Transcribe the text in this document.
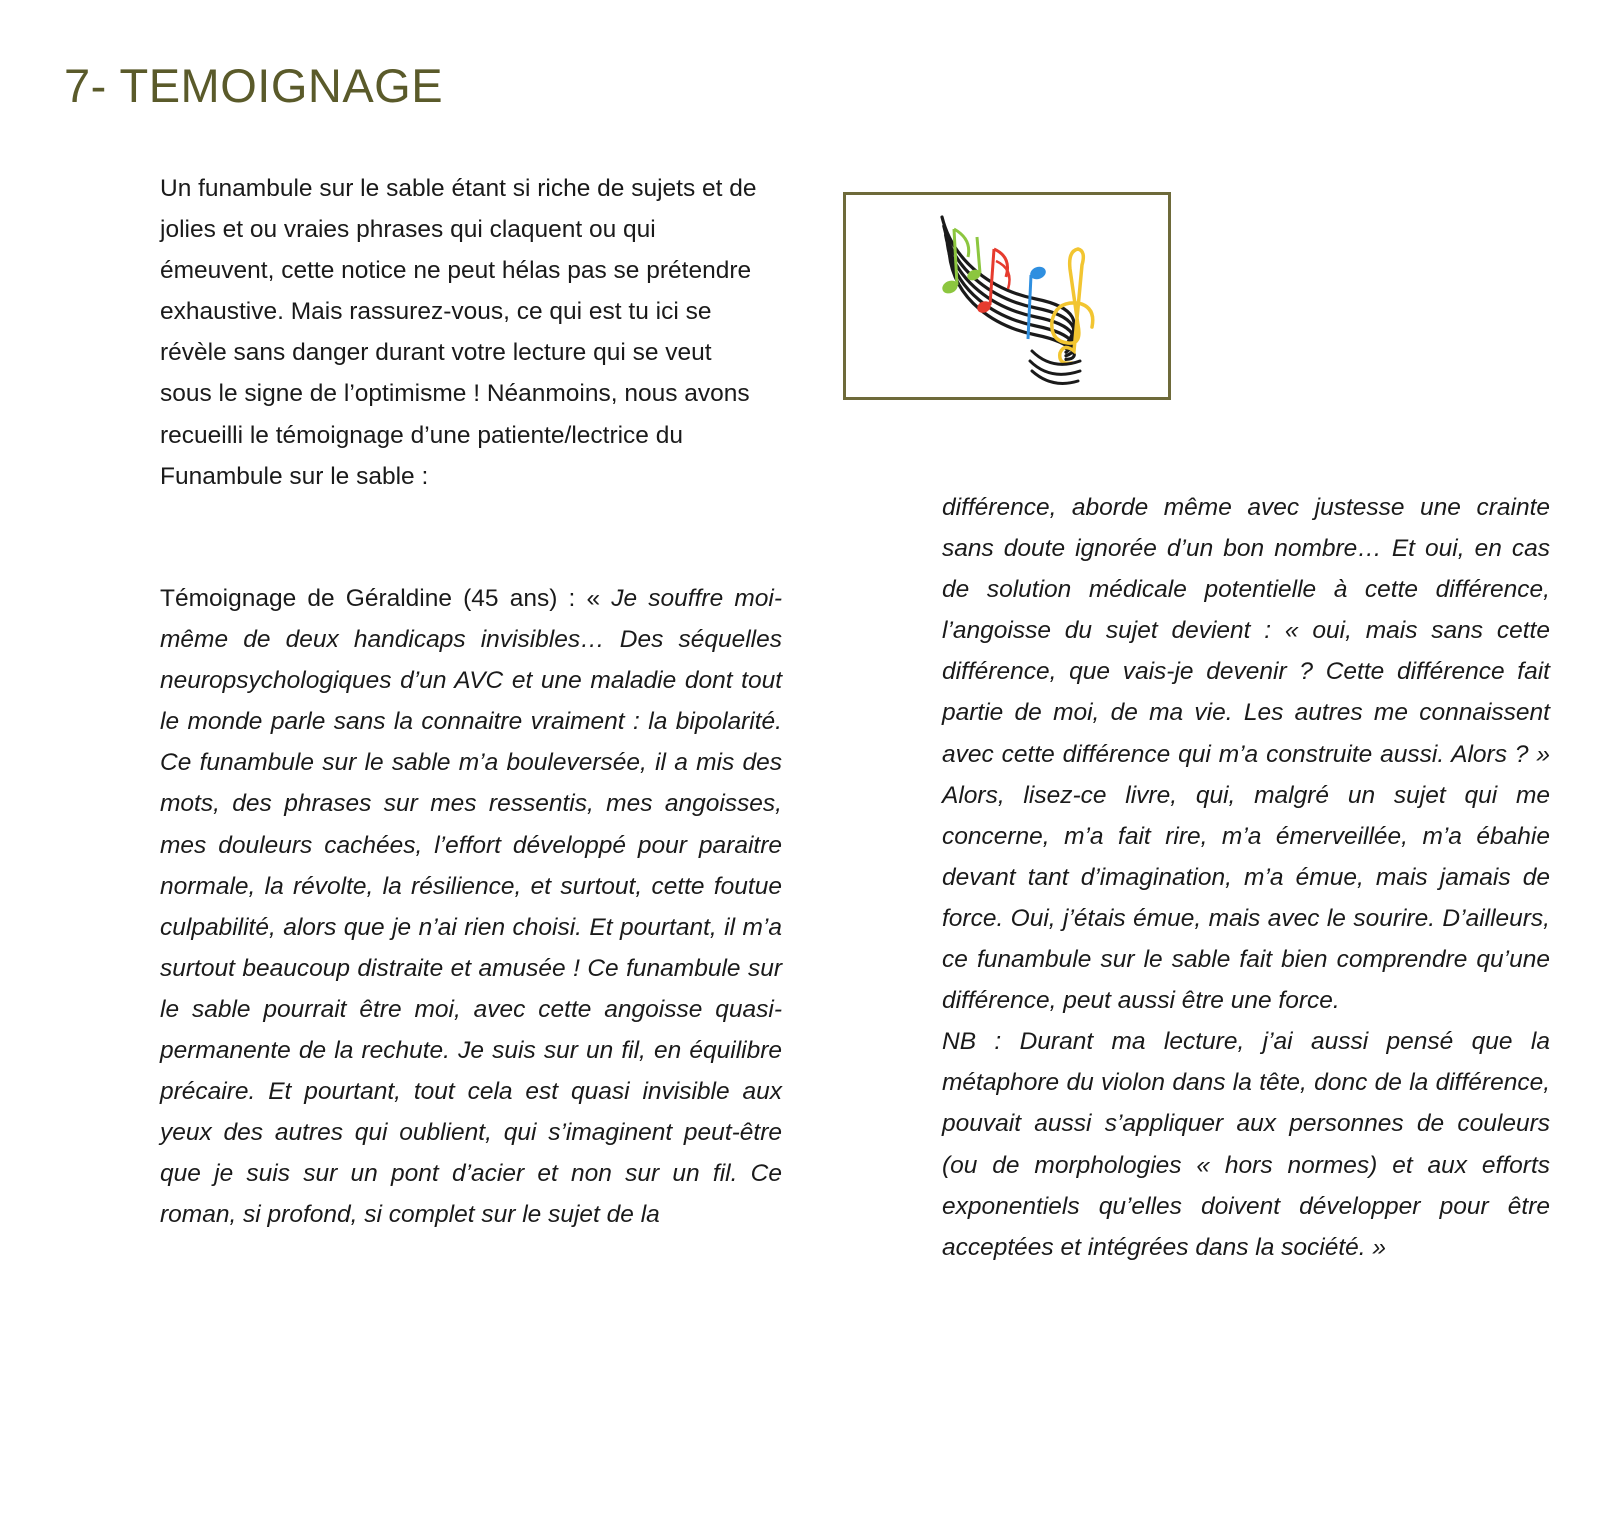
7- TEMOIGNAGE

Un funambule sur le sable étant si riche de sujets et de jolies et ou vraies phrases qui claquent ou qui émeuvent, cette notice ne peut hélas pas se prétendre exhaustive. Mais rassurez-vous, ce qui est tu ici se révèle sans danger durant votre lecture qui se veut sous le signe de l’optimisme ! Néanmoins, nous avons recueilli le témoignage d’une patiente/lectrice du Funambule sur le sable :

Témoignage de Géraldine (45 ans) : « Je souffre moi-même de deux handicaps invisibles… Des séquelles neuropsychologiques d’un AVC et une maladie dont tout le monde parle sans la connaitre vraiment : la bipolarité. Ce funambule sur le sable m’a bouleversée, il a mis des mots, des phrases sur mes ressentis, mes angoisses, mes douleurs cachées, l’effort développé pour paraitre normale, la révolte, la résilience, et surtout, cette foutue culpabilité, alors que je n’ai rien choisi. Et pourtant, il m’a surtout beaucoup distraite et amusée ! Ce funambule sur le sable pourrait être moi, avec cette angoisse quasi-permanente de la rechute. Je suis sur un fil, en équilibre précaire. Et pourtant, tout cela est quasi invisible aux yeux des autres qui oublient, qui s’imaginent peut-être que je suis sur un pont d’acier et non sur un fil. Ce roman, si profond, si complet sur le sujet de la

différence, aborde même avec justesse une crainte sans doute ignorée d’un bon nombre… Et oui, en cas de solution médicale potentielle à cette différence, l’angoisse du sujet devient : « oui, mais sans cette différence, que vais-je devenir ? Cette différence fait partie de moi, de ma vie. Les autres me connaissent avec cette différence qui m’a construite aussi. Alors ? » Alors, lisez-ce livre, qui, malgré un sujet qui me concerne, m’a fait rire, m’a émerveillée, m’a ébahie devant tant d’imagination, m’a émue, mais jamais de force. Oui, j’étais émue, mais avec le sourire. D’ailleurs, ce funambule sur le sable fait bien comprendre qu’une différence, peut aussi être une force.

NB : Durant ma lecture, j’ai aussi pensé que la métaphore du violon dans la tête, donc de la différence, pouvait aussi s’appliquer aux personnes de couleurs (ou de morphologies « hors normes) et aux efforts exponentiels qu’elles doivent développer pour être acceptées et intégrées dans la société. »
